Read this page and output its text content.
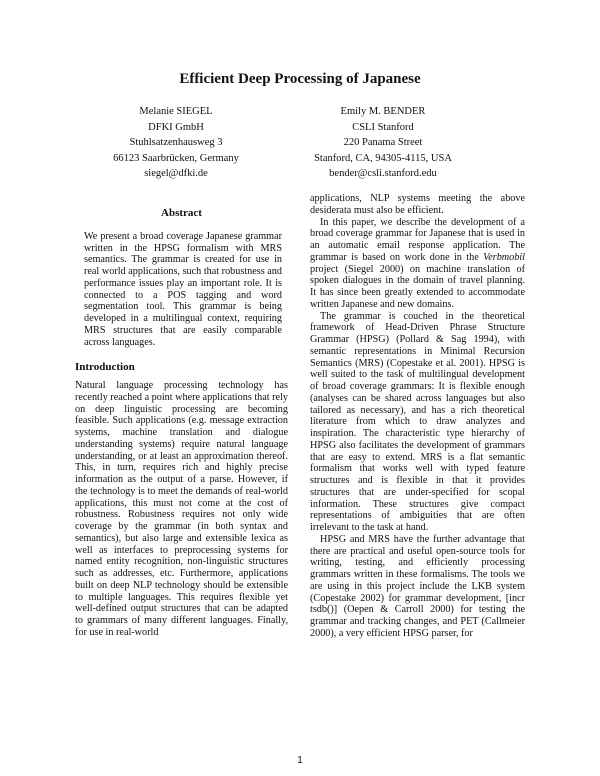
Efficient Deep Processing of Japanese
Melanie SIEGEL
DFKI GmbH
Stuhlsatzenhausweg 3
66123 Saarbrücken, Germany
siegel@dfki.de
Emily M. BENDER
CSLI Stanford
220 Panama Street
Stanford, CA, 94305-4115, USA
bender@csli.stanford.edu
Abstract

We present a broad coverage Japanese grammar written in the HPSG formalism with MRS semantics. The grammar is created for use in real world applications, such that robustness and performance issues play an important role. It is connected to a POS tagging and word segmentation tool. This grammar is being developed in a multilingual context, requiring MRS structures that are easily comparable across languages.

Introduction

Natural language processing technology has recently reached a point where applications that rely on deep linguistic processing are becoming feasible. Such applications (e.g. message extraction systems, machine translation and dialogue understanding systems) require natural language understanding, or at least an approximation thereof. This, in turn, requires rich and highly precise information as the output of a parse. However, if the technology is to meet the demands of real-world applications, this must not come at the cost of robustness. Robustness requires not only wide coverage by the grammar (in both syntax and semantics), but also large and extensible lexica as well as interfaces to preprocessing systems for named entity recognition, non-linguistic structures such as addresses, etc. Furthermore, applications built on deep NLP technology should be extensible to multiple languages. This requires flexible yet well-defined output structures that can be adapted to grammars of many different languages. Finally, for use in real-world

applications, NLP systems meeting the above desiderata must also be efficient.

In this paper, we describe the development of a broad coverage grammar for Japanese that is used in an automatic email response application. The grammar is based on work done in the Verbmobil project (Siegel 2000) on machine translation of spoken dialogues in the domain of travel planning. It has since been greatly extended to accommodate written Japanese and new domains.

The grammar is couched in the theoretical framework of Head-Driven Phrase Structure Grammar (HPSG) (Pollard & Sag 1994), with semantic representations in Minimal Recursion Semantics (MRS) (Copestake et al. 2001). HPSG is well suited to the task of multilingual development of broad coverage grammars: It is flexible enough (analyses can be shared across languages but also tailored as necessary), and has a rich theoretical literature from which to draw analyzes and inspiration. The characteristic type hierarchy of HPSG also facilitates the development of grammars that are easy to extend. MRS is a flat semantic formalism that works well with typed feature structures and is flexible in that it provides structures that are under-specified for scopal information. These structures give compact representations of ambiguities that are often irrelevant to the task at hand.

HPSG and MRS have the further advantage that there are practical and useful open-source tools for writing, testing, and efficiently processing grammars written in these formalisms. The tools we are using in this project include the LKB system (Copestake 2002) for grammar development, [incr tsdb()] (Oepen & Carroll 2000) for testing the grammar and tracking changes, and PET (Callmeier 2000), a very efficient HPSG parser, for

1
